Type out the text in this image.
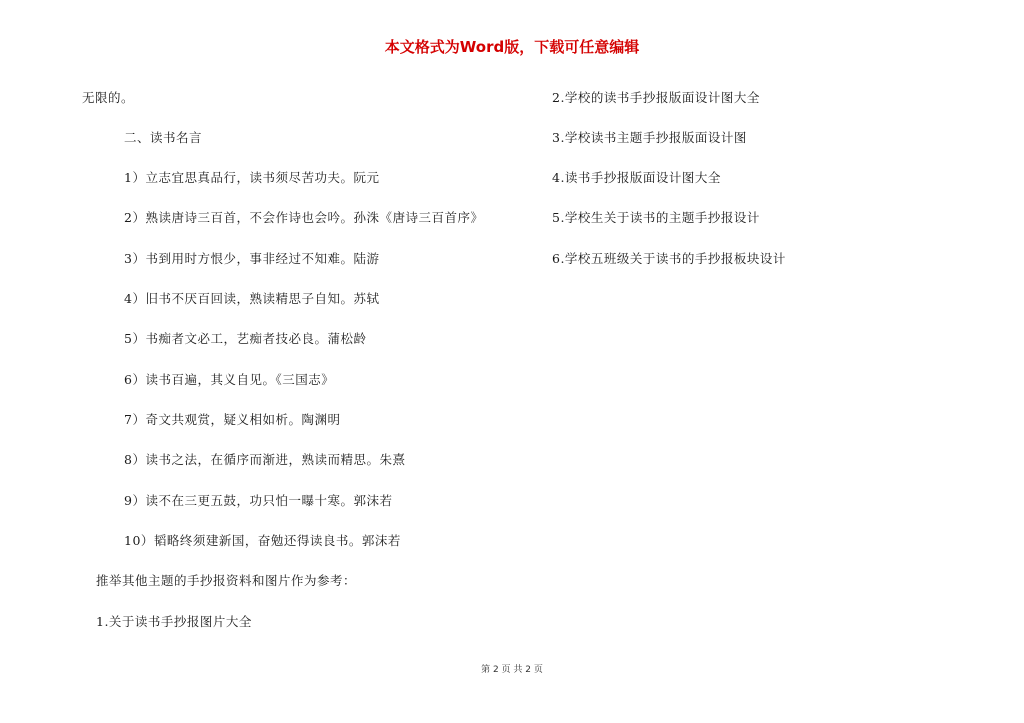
本文格式为Word版，下载可任意编辑
无限的。
二、读书名言
1）立志宜思真品行，读书须尽苦功夫。阮元
2）熟读唐诗三百首，不会作诗也会吟。孙洙《唐诗三百首序》
3）书到用时方恨少，事非经过不知难。陆游
4）旧书不厌百回读，熟读精思子自知。苏轼
5）书痴者文必工，艺痴者技必良。蒲松龄
6）读书百遍，其义自见。《三国志》
7）奇文共观赏，疑义相如析。陶渊明
8）读书之法，在循序而渐进，熟读而精思。朱熹
9）读不在三更五鼓，功只怕一曝十寒。郭沫若
10）韬略终须建新国，奋勉还得读良书。郭沫若
推举其他主题的手抄报资料和图片作为参考：
1.关于读书手抄报图片大全
2.学校的读书手抄报版面设计图大全
3.学校读书主题手抄报版面设计图
4.读书手抄报版面设计图大全
5.学校生关于读书的主题手抄报设计
6.学校五班级关于读书的手抄报板块设计
第 2 页 共 2 页
